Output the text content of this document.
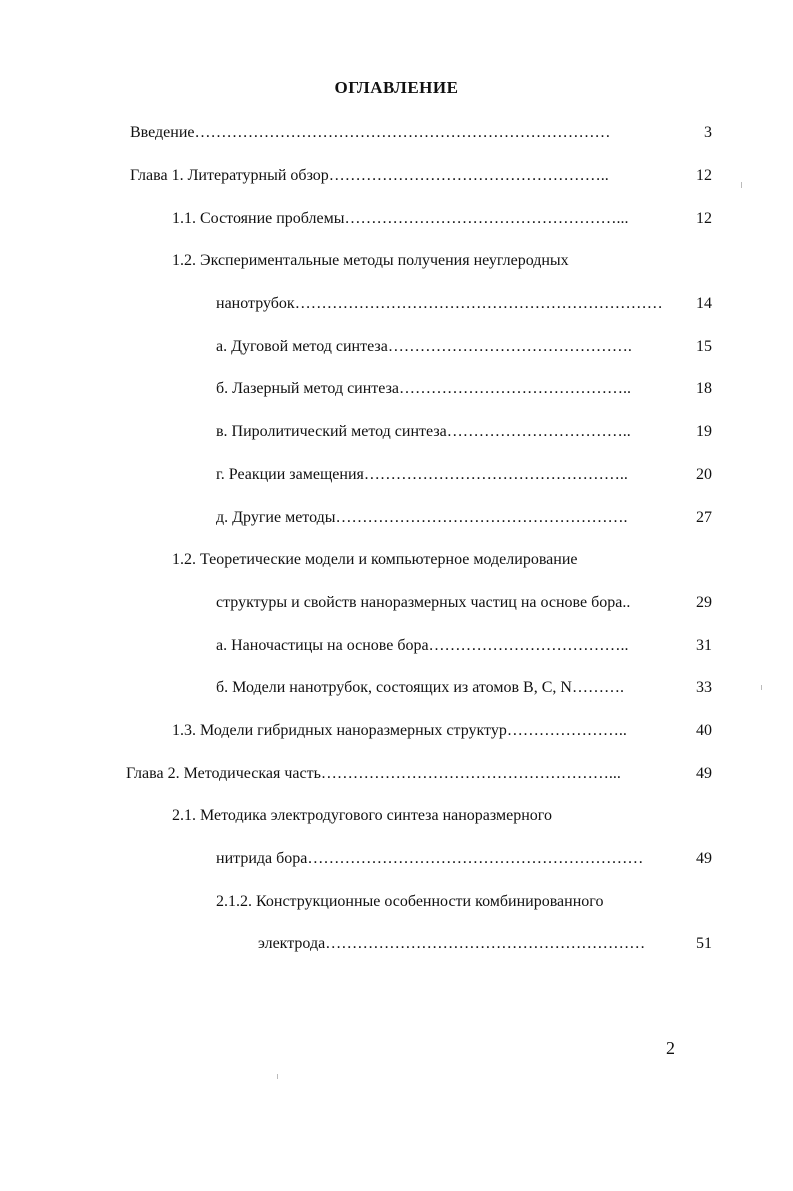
ОГЛАВЛЕНИЕ
Введение……………………………………………………………………	3
Глава 1. Литературный обзор……………………………………………..	12
1.1. Состояние проблемы……………………………………………...	12
1.2. Экспериментальные методы получения неуглеродных
нанотрубок……………………………………………………………	14
а. Дуговой метод синтеза……………………………………….	15
б. Лазерный метод синтеза……………………………………..	18
в. Пиролитический метод синтеза……………………………..	19
г. Реакции замещения…………………………………………..	20
д. Другие методы……………………………………………….	27
1.2. Теоретические модели и компьютерное моделирование
структуры и свойств наноразмерных частиц на основе бора..	29
а. Наночастицы на основе бора………………………………..	31
б. Модели нанотрубок, состоящих из атомов B, C, N……….	33
1.3. Модели гибридных наноразмерных структур…………………..	40
Глава 2. Методическая часть………………………………………………...	49
2.1. Методика электродугового синтеза наноразмерного
нитрида бора………………………………………………………	49
2.1.2. Конструкционные особенности комбинированного
электрода……………………………………………………	51
2
